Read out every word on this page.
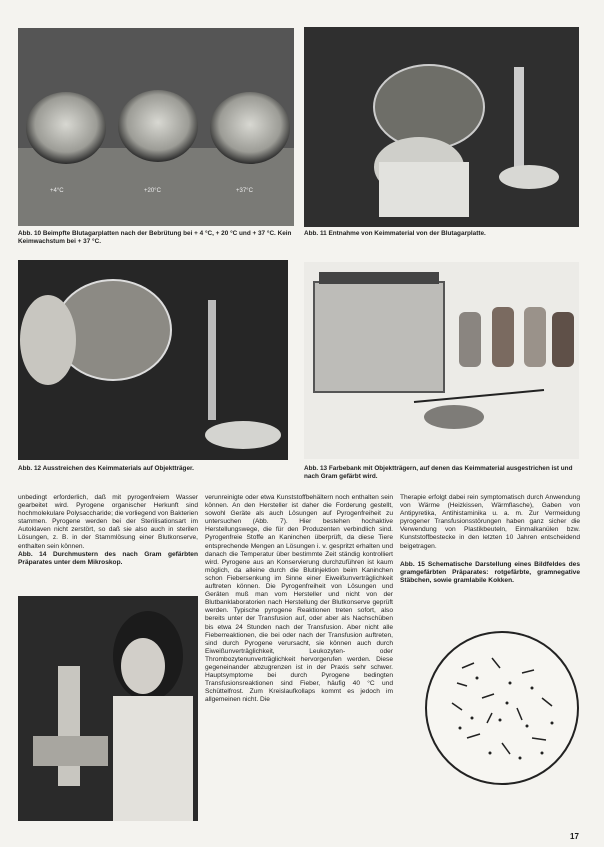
+4°C	+20°C	+37°C
Abb. 10 Beimpfte Blutagarplatten nach der Bebrütung bei + 4 °C, + 20 °C und + 37 °C. Kein Keimwachstum bei + 37 °C.
Abb. 11 Entnahme von Keimmaterial von der Blutagarplatte.
Abb. 12 Ausstreichen des Keimmaterials auf Objektträger.	Abb. 13 Farbebank mit Objektträgern, auf denen das Keimmaterial ausgestrichen ist und nach Gram gefärbt wird.

unbedingt erforderlich, daß mit pyrogenfreiem Wasser gearbeitet wird. Pyrogene organischer Herkunft sind hochmolekulare Polysaccharide; die vorliegend von Bakterien stammen. Pyrogene werden bei der Sterilisationsart im Autoklaven nicht zerstört, so daß sie also auch in sterilen Lösungen, z. B. in der Stammlösung einer Blutkonserve, enthalten sein können.

Abb. 14 Durchmustern des nach Gram gefärbten Präparates unter dem Mikroskop.

verunreinigte oder etwa Kunststoffbehältern noch enthalten sein können. An den Hersteller ist daher die Forderung gestellt, sowohl Geräte als auch Lösungen auf Pyrogenfreiheit zu untersuchen (Abb. 7). Hier bestehen hochaktive Herstellungswege, die für den Produzenten verbindlich sind. Pyrogenfreie Stoffe an Kaninchen überprüft, da diese Tiere entsprechende Mengen an Lösungen i. v. gespritzt erhalten und danach die Temperatur über bestimmte Zeit ständig kontrolliert wird. Pyrogene aus an Konservierung durchzuführen ist kaum möglich, da alleine durch die Blutinjektion beim Kaninchen schon Fiebersenkung im Sinne einer Eiweißunverträglichkeit auftreten können. Die Pyrogenfreiheit von Lösungen und Geräten muß man vom Hersteller und nicht von der Blutbanklaboratorien nach Herstellung der Blutkonserve geprüft werden. Typische pyrogene Reaktionen treten sofort, also bereits unter der Transfusion auf, oder aber als Nachschüben bis etwa 24 Stunden nach der Transfusion. Aber nicht alle Fieberreaktionen, die bei oder nach der Transfusion auftreten, sind durch Pyrogene verursacht, sie können auch durch Eiweißunverträglichkeit, Leukozyten- oder Thrombozytenunverträglichkeit hervorgerufen werden. Diese gegeneinander abzugrenzen ist in der Praxis sehr schwer. Hauptsymptome bei durch Pyrogene bedingten Transfusionsreaktionen sind Fieber, häufig 40 °C und Schüttelfrost. Zum Kreislaufkollaps kommt es jedoch im allgemeinen nicht. Die

Therapie erfolgt dabei rein symptomatisch durch Anwendung von Wärme (Heizkissen, Wärmflasche), Gaben von Antipyretika, Antihistaminika u. a. m. Zur Vermeidung pyrogener Transfusionsstörungen haben ganz sicher die Verwendung von Plastikbeuteln, Einmalkanülen bzw. Kunststoffbestecke in den letzten 10 Jahren entscheidend beigetragen.

Abb. 15 Schematische Darstellung eines Bildfeldes des gramgefärbten Präparates: rotgefärbte, gramnegative Stäbchen, sowie gramlabile Kokken.

17
